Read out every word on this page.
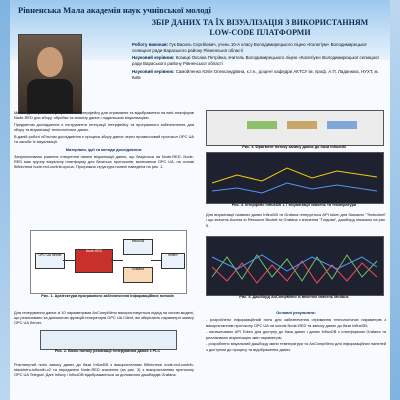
Рівненська Мала академія наук учнівської молоді
ЗБІР ДАНИХ ТА ЇХ ВІЗУАЛІЗАЦІЯ З ВИКОРИСТАННЯМ LOW-CODE ПЛАТФОРМИ

Роботу виконав: Гук Василь Сергійович, учень 10-А класу Володимирецького ліцею «Колегіум» Володимирецької селищної ради Вараського району Рівненської області

Науковий керівник: Козицкі Оксана Петрівна, вчитель Володимирецького ліцею «Колегіум» Володимирецької селищної ради Вараського району Рівненської області

Науковий керівник: Самойленко Юлія Олександрівна, к.т.н., доцент кафедри АКТСУ ім. проф. А.П. Ладанюка, НУХТ, м. Київ

Метою даної роботи є розроблення інтерфейсу для отримання та відображення на web-платформі Node-RED для збору, обробки та аналізу даних і подальшою візуалізацією.

Предметом дослідження є інструменти інтеграції інтерфейсу та програмного забезпечення для збору та візуалізації технологічних даних.

В даній роботі об’єктом дослідження є процеси збору даних через промисловий протокол OPC UA та засоби їх візуалізації.

Матеріали, ідеї та методи дослідження:

Запропоновано рішення створення панелі візуалізації даних, що базується на Node-RED. Node-RED має зручну візуальну платформу для багатьох протоколів, включаючи OPC UA, на основі бібліотеки node-red-contrib-opcua. Програмна структура панелі наведена на рис. 1.

OPC UA Server
Node-RED
InfluxDB
Grafana
Клієнт
Рис. 1. Архітектура програмного забезпечення інформаційних потоків

Для генерування даних зі 10 параметрами AnCompMimo використовується підхід на основі моделі, що реалізовано за допомогою функцій-генераторів OPC UA Client, які зберігають параметри запису OPC UA Server.

Рис. 2. Вікно потоку реалізації генерування даних з PLC

Розглянутий потік запису даних до бази InfluxDB з використанням бібліотеки node-red-contrib-stackhero-influxdb-v2 та передачею Node-RED значення (за рис. 3) з використанням протоколу OPC UA Telegraf. Дані Influxy і InfluxDB відображаються за допомогою дашбордів Grafana.

Рис. 3. Фрагмент потоку запису даних до бази InfluxDB
Рис. 4. Інтерфейс InfluxDB 1.7 візуалізації значень та температури

Для візуалізації наявних даних InfluxDB та Grafana генерується API token для базового "Tenbucket" і що значень Access to Resource Bucket та Grafana з значення "Тогдова", дашборд показано на рис. 5.

Рис. 5. Дашборд AnCompMimo із вмістом значень Modbus

Основні результати:

- розроблено інформаційний потік для забезпечення отримання технологічних параметрів з використанням протоколу OPC UA на основі Node-RED та запису даних до бази InfluxDB;

- налаштовано API Token для доступу до бази даних і даних InfluxDB з платформою Grafana та реалізовано візуалізацію змін параметрів;

- розроблено візуальний дашборд зміни температури та AnCompMimo для інформаційних панелей з доступом до процесу та відображення даних.
